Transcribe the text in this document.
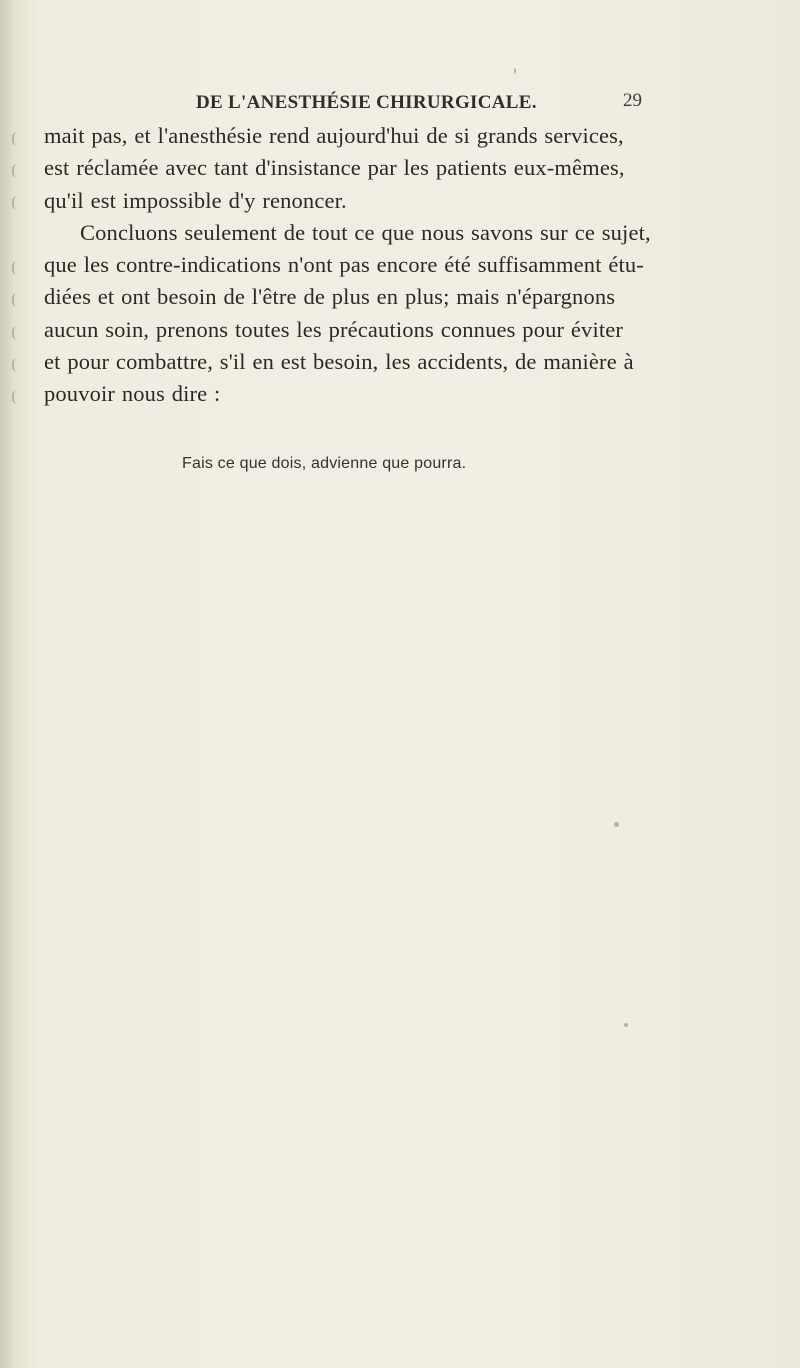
DE L'ANESTHÉSIE CHIRURGICALE.	29
mait pas, et l'anesthésie rend aujourd'hui de si grands services,
est réclamée avec tant d'insistance par les patients eux-mêmes,
qu'il est impossible d'y renoncer.
Concluons seulement de tout ce que nous savons sur ce sujet,
que les contre-indications n'ont pas encore été suffisamment étu-
diées et ont besoin de l'être de plus en plus; mais n'épargnons
aucun soin, prenons toutes les précautions connues pour éviter
et pour combattre, s'il en est besoin, les accidents, de manière à
pouvoir nous dire :
Fais ce que dois, advienne que pourra.
